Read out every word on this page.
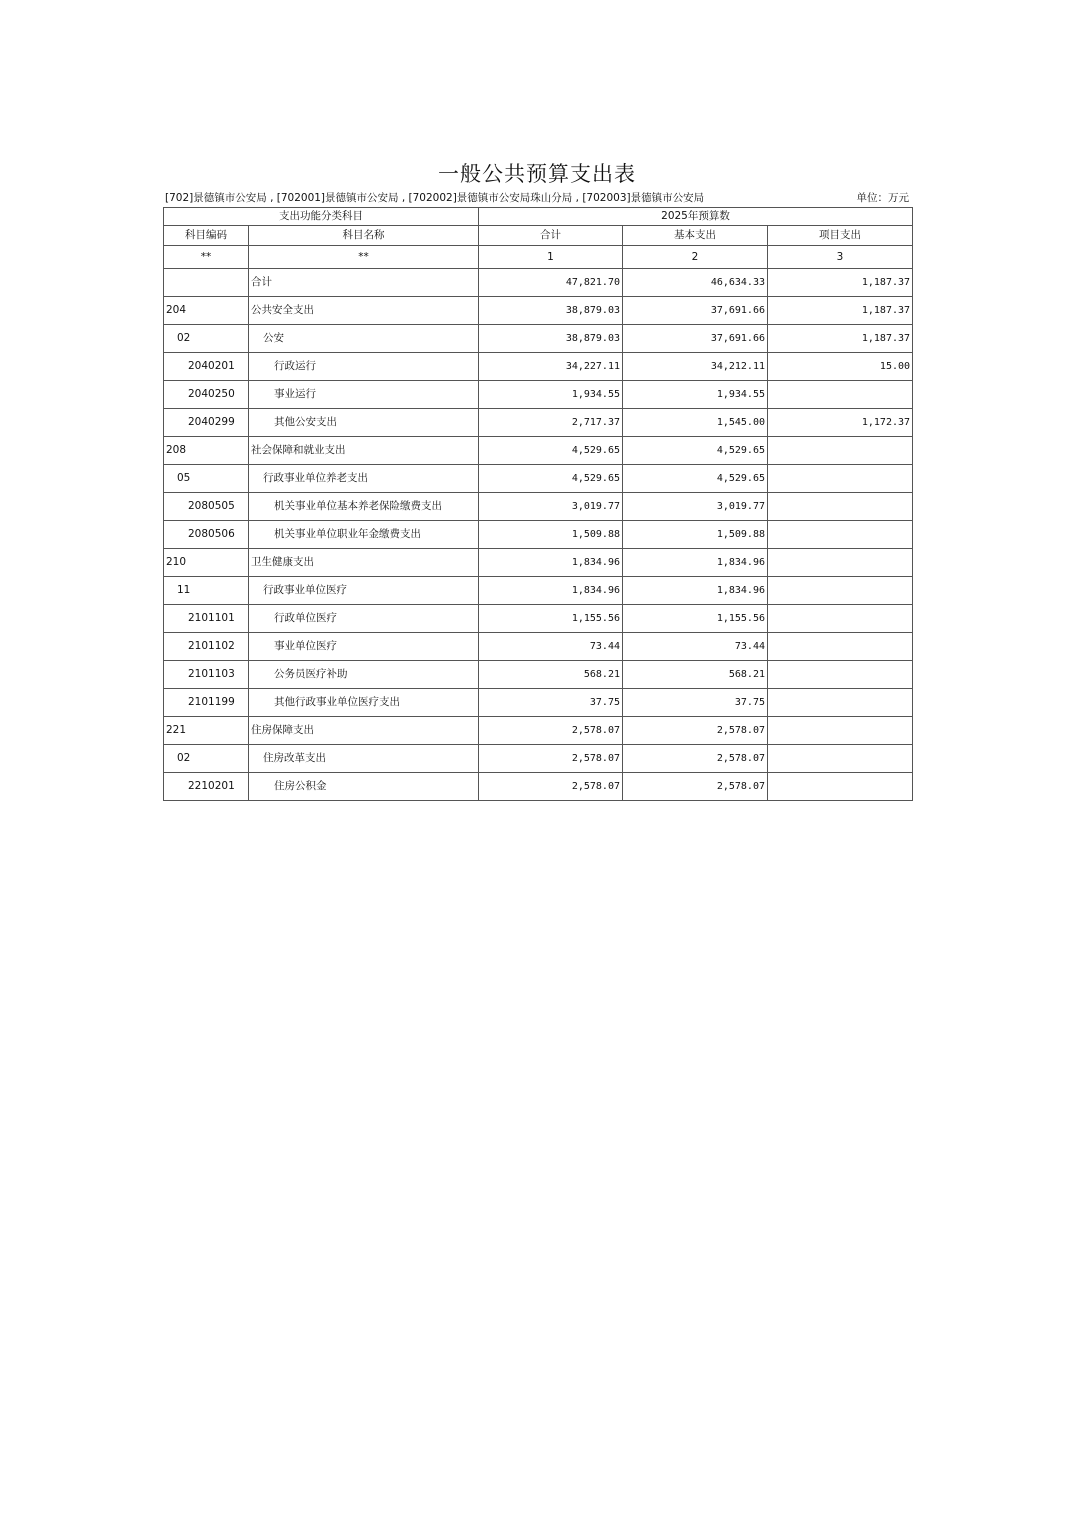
一般公共预算支出表
[702]景德镇市公安局 , [702001]景德镇市公安局 , [702002]景德镇市公安局珠山分局 , [702003]景德镇市公安局	单位：万元
支出功能分类科目		2025年预算数		
科目编码	科目名称	合计	基本支出	项目支出
**	**	1	2	3
	合计	47,821.70	46,634.33	1,187.37
204	公共安全支出	38,879.03	37,691.66	1,187.37
02	公安	38,879.03	37,691.66	1,187.37
2040201	行政运行	34,227.11	34,212.11	15.00
2040250	事业运行	1,934.55	1,934.55	
2040299	其他公安支出	2,717.37	1,545.00	1,172.37
208	社会保障和就业支出	4,529.65	4,529.65	
05	行政事业单位养老支出	4,529.65	4,529.65	
2080505	机关事业单位基本养老保险缴费支出	3,019.77	3,019.77	
2080506	机关事业单位职业年金缴费支出	1,509.88	1,509.88	
210	卫生健康支出	1,834.96	1,834.96	
11	行政事业单位医疗	1,834.96	1,834.96	
2101101	行政单位医疗	1,155.56	1,155.56	
2101102	事业单位医疗	73.44	73.44	
2101103	公务员医疗补助	568.21	568.21	
2101199	其他行政事业单位医疗支出	37.75	37.75	
221	住房保障支出	2,578.07	2,578.07	
02	住房改革支出	2,578.07	2,578.07	
2210201	住房公积金	2,578.07	2,578.07	
